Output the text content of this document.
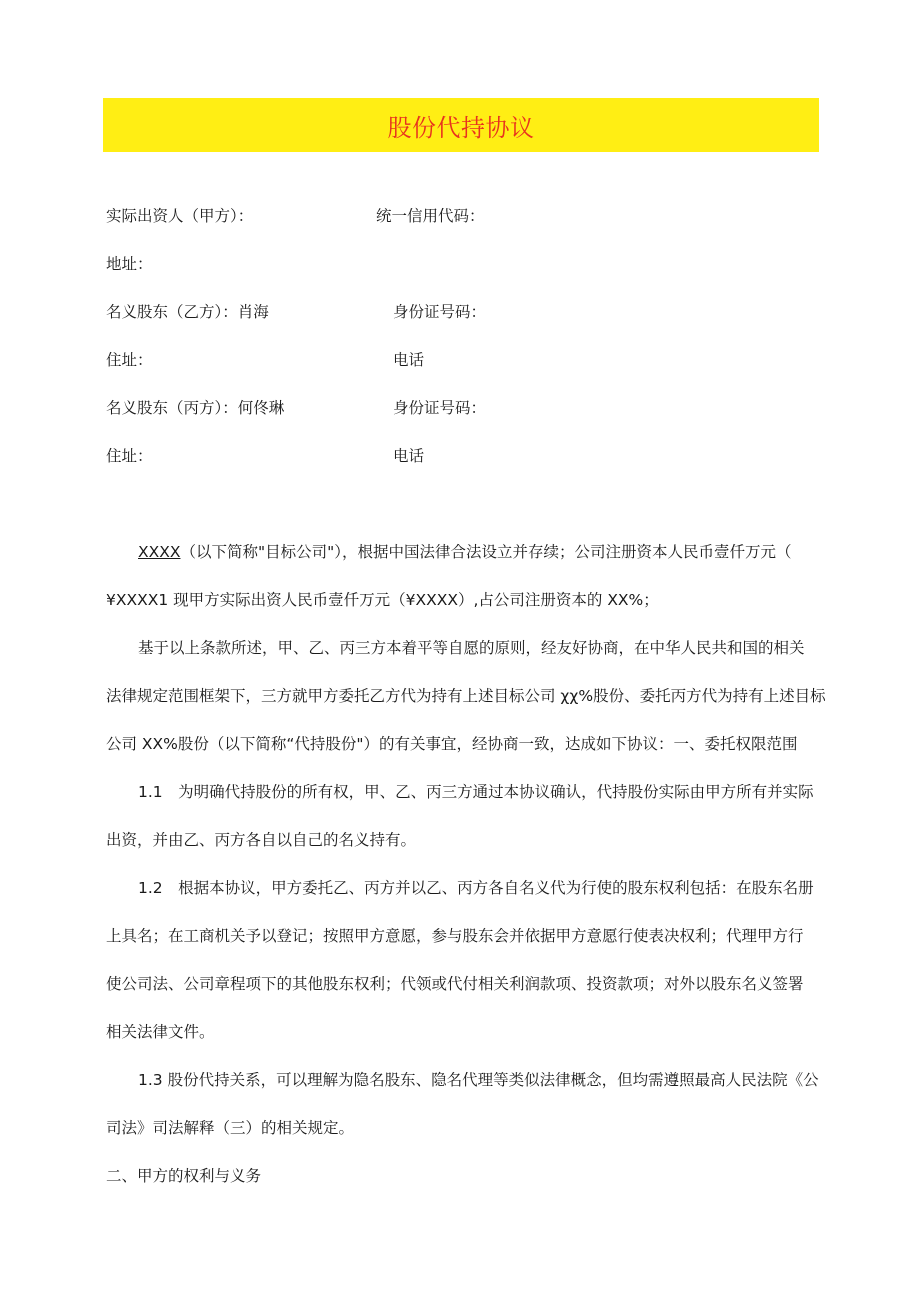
股份代持协议
实际出资人（甲方）：	统一信用代码：
地址：
名义股东（乙方）：肖海	身份证号码：
住址：	电话
名义股东（丙方）：何佟琳	身份证号码：
住址：	电话
XXXX（以下简称"目标公司"），根据中国法律合法设立并存续；公司注册资本人民币壹仟万元（
¥XXXX1 现甲方实际出资人民币壹仟万元（¥XXXX）,占公司注册资本的 XX%；
基于以上条款所述，甲、乙、丙三方本着平等自愿的原则，经友好协商，在中华人民共和国的相关
法律规定范围框架下，三方就甲方委托乙方代为持有上述目标公司 χχ%股份、委托丙方代为持有上述目标
公司 XX%股份（以下简称“代持股份"）的有关事宜，经协商一致，达成如下协议：一、委托权限范围
1.1　为明确代持股份的所有权，甲、乙、丙三方通过本协议确认，代持股份实际由甲方所有并实际
出资，并由乙、丙方各自以自己的名义持有。
1.2　根据本协议，甲方委托乙、丙方并以乙、丙方各自名义代为行使的股东权利包括：在股东名册
上具名；在工商机关予以登记；按照甲方意愿，参与股东会并依据甲方意愿行使表决权利；代理甲方行
使公司法、公司章程项下的其他股东权利；代领或代付相关利润款项、投资款项；对外以股东名义签署
相关法律文件。
1.3 股份代持关系，可以理解为隐名股东、隐名代理等类似法律概念，但均需遵照最高人民法院《公
司法》司法解释（三）的相关规定。
二、甲方的权利与义务
